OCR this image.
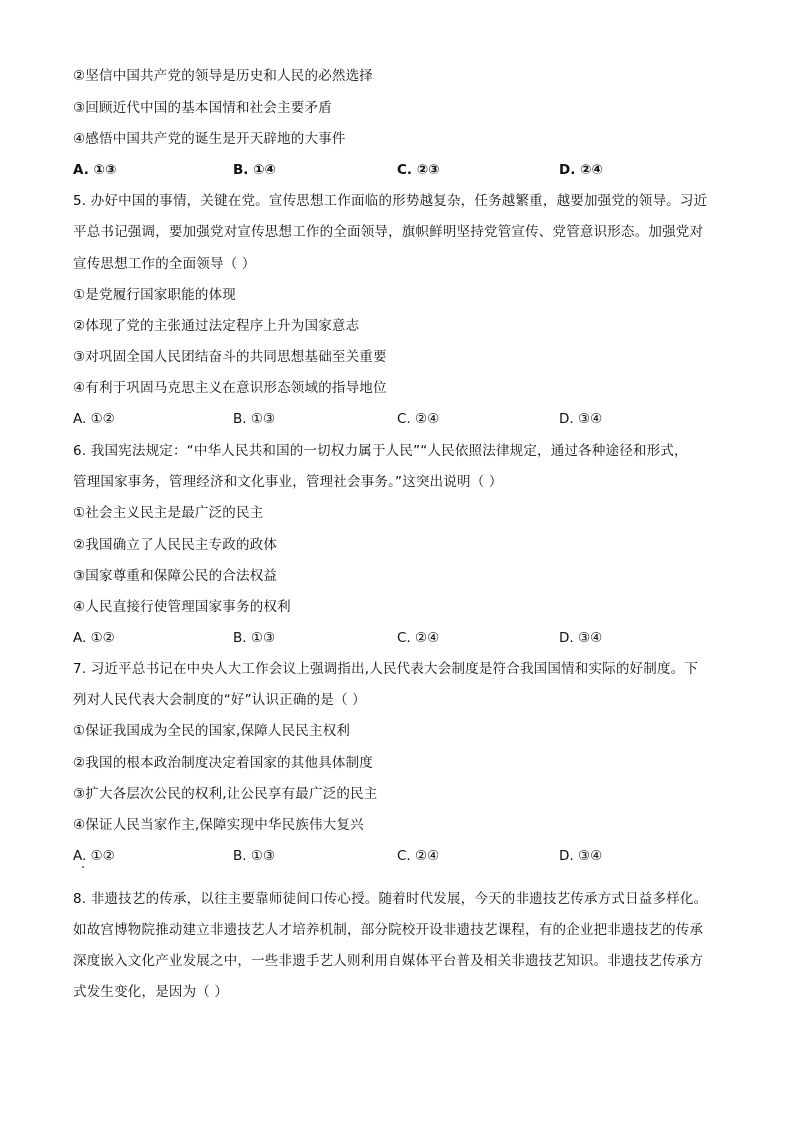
②坚信中国共产党的领导是历史和人民的必然选择
③回顾近代中国的基本国情和社会主要矛盾
④感悟中国共产党的诞生是开天辟地的大事件
A. ①③	B. ①④	C. ②③	D. ②④
5. 办好中国的事情，关键在党。宣传思想工作面临的形势越复杂，任务越繁重，越要加强党的领导。习近
平总书记强调，要加强党对宣传思想工作的全面领导，旗帜鲜明坚持党管宣传、党管意识形态。加强党对
宣传思想工作的全面领导（ ）
①是党履行国家职能的体现
②体现了党的主张通过法定程序上升为国家意志
③对巩固全国人民团结奋斗的共同思想基础至关重要
④有利于巩固马克思主义在意识形态领域的指导地位
A. ①②	B. ①③	C. ②④	D. ③④
6. 我国宪法规定：“中华人民共和国的一切权力属于人民”“人民依照法律规定，通过各种途径和形式，
管理国家事务，管理经济和文化事业，管理社会事务。”这突出说明（ ）
①社会主义民主是最广泛的民主
②我国确立了人民民主专政的政体
③国家尊重和保障公民的合法权益
④人民直接行使管理国家事务的权利
A. ①②	B. ①③	C. ②④	D. ③④
7. 习近平总书记在中央人大工作会议上强调指出,人民代表大会制度是符合我国国情和实际的好制度。下
列对人民代表大会制度的“好”认识正确的是（ ）
①保证我国成为全民的国家,保障人民民主权利
②我国的根本政治制度决定着国家的其他具体制度
③扩大各层次公民的权利,让公民享有最广泛的民主
④保证人民当家作主,保障实现中华民族伟大复兴
A. ①②	B. ①③	C. ②④	D. ③④
8. 非遗技艺的传承，以往主要靠师徒间口传心授。随着时代发展，今天的非遗技艺传承方式日益多样化。
如故宫博物院推动建立非遗技艺人才培养机制，部分院校开设非遗技艺课程，有的企业把非遗技艺的传承
深度嵌入文化产业发展之中，一些非遗手艺人则利用自媒体平台普及相关非遗技艺知识。非遗技艺传承方
式发生变化，是因为（ ）
